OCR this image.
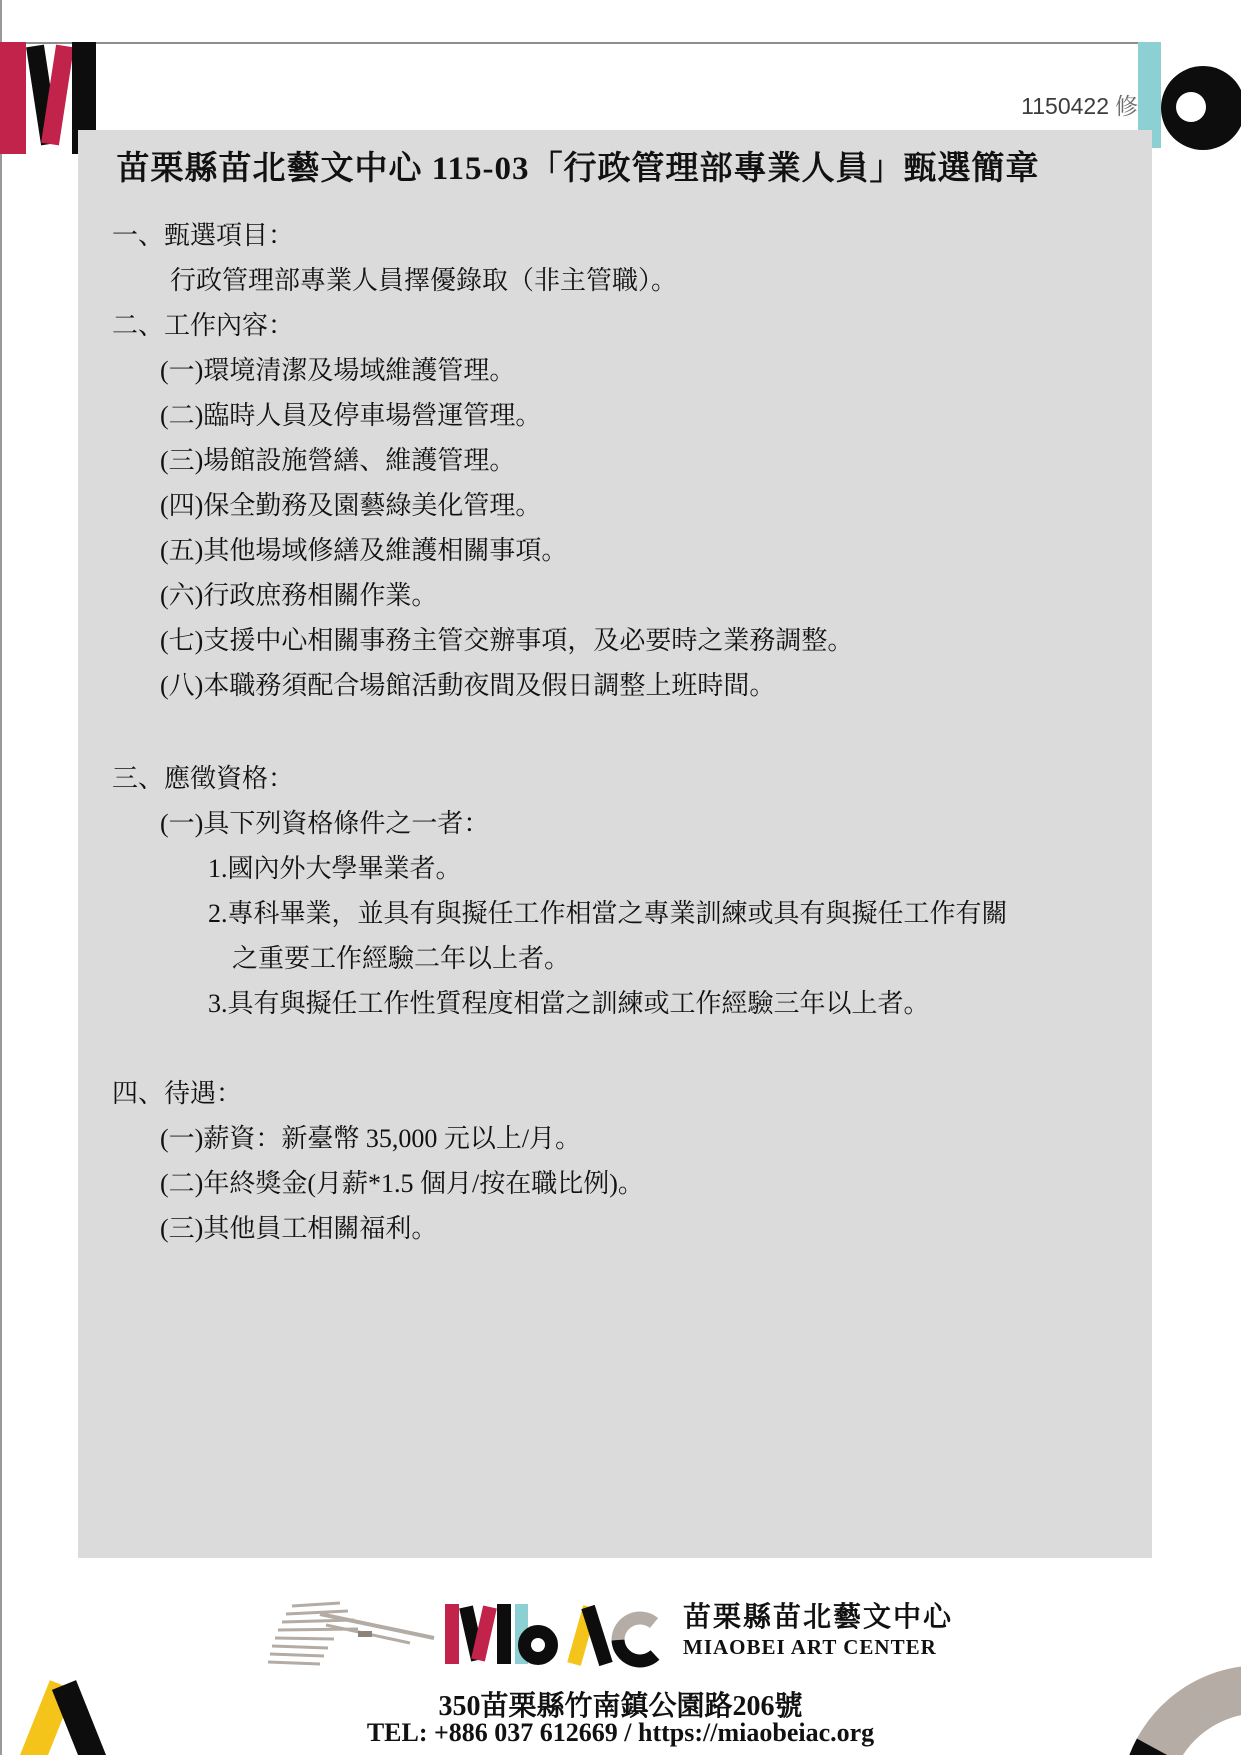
1150422 修
苗栗縣苗北藝文中心 115-03「行政管理部專業人員」甄選簡章
一、甄選項目：
行政管理部專業人員擇優錄取（非主管職）。
二、工作內容：
(一)環境清潔及場域維護管理。
(二)臨時人員及停車場營運管理。
(三)場館設施營繕、維護管理。
(四)保全勤務及園藝綠美化管理。
(五)其他場域修繕及維護相關事項。
(六)行政庶務相關作業。
(七)支援中心相關事務主管交辦事項，及必要時之業務調整。
(八)本職務須配合場館活動夜間及假日調整上班時間。
三、應徵資格：
(一)具下列資格條件之一者：
1.國內外大學畢業者。
2.專科畢業，並具有與擬任工作相當之專業訓練或具有與擬任工作有關
之重要工作經驗二年以上者。
3.具有與擬任工作性質程度相當之訓練或工作經驗三年以上者。
四、待遇：
(一)薪資：新臺幣 35,000 元以上/月。
(二)年終獎金(月薪*1.5 個月/按在職比例)。
(三)其他員工相關福利。
苗栗縣苗北藝文中心
MIAOBEI ART CENTER
350苗栗縣竹南鎮公園路206號
TEL: +886 037 612669 / https://miaobeiac.org
